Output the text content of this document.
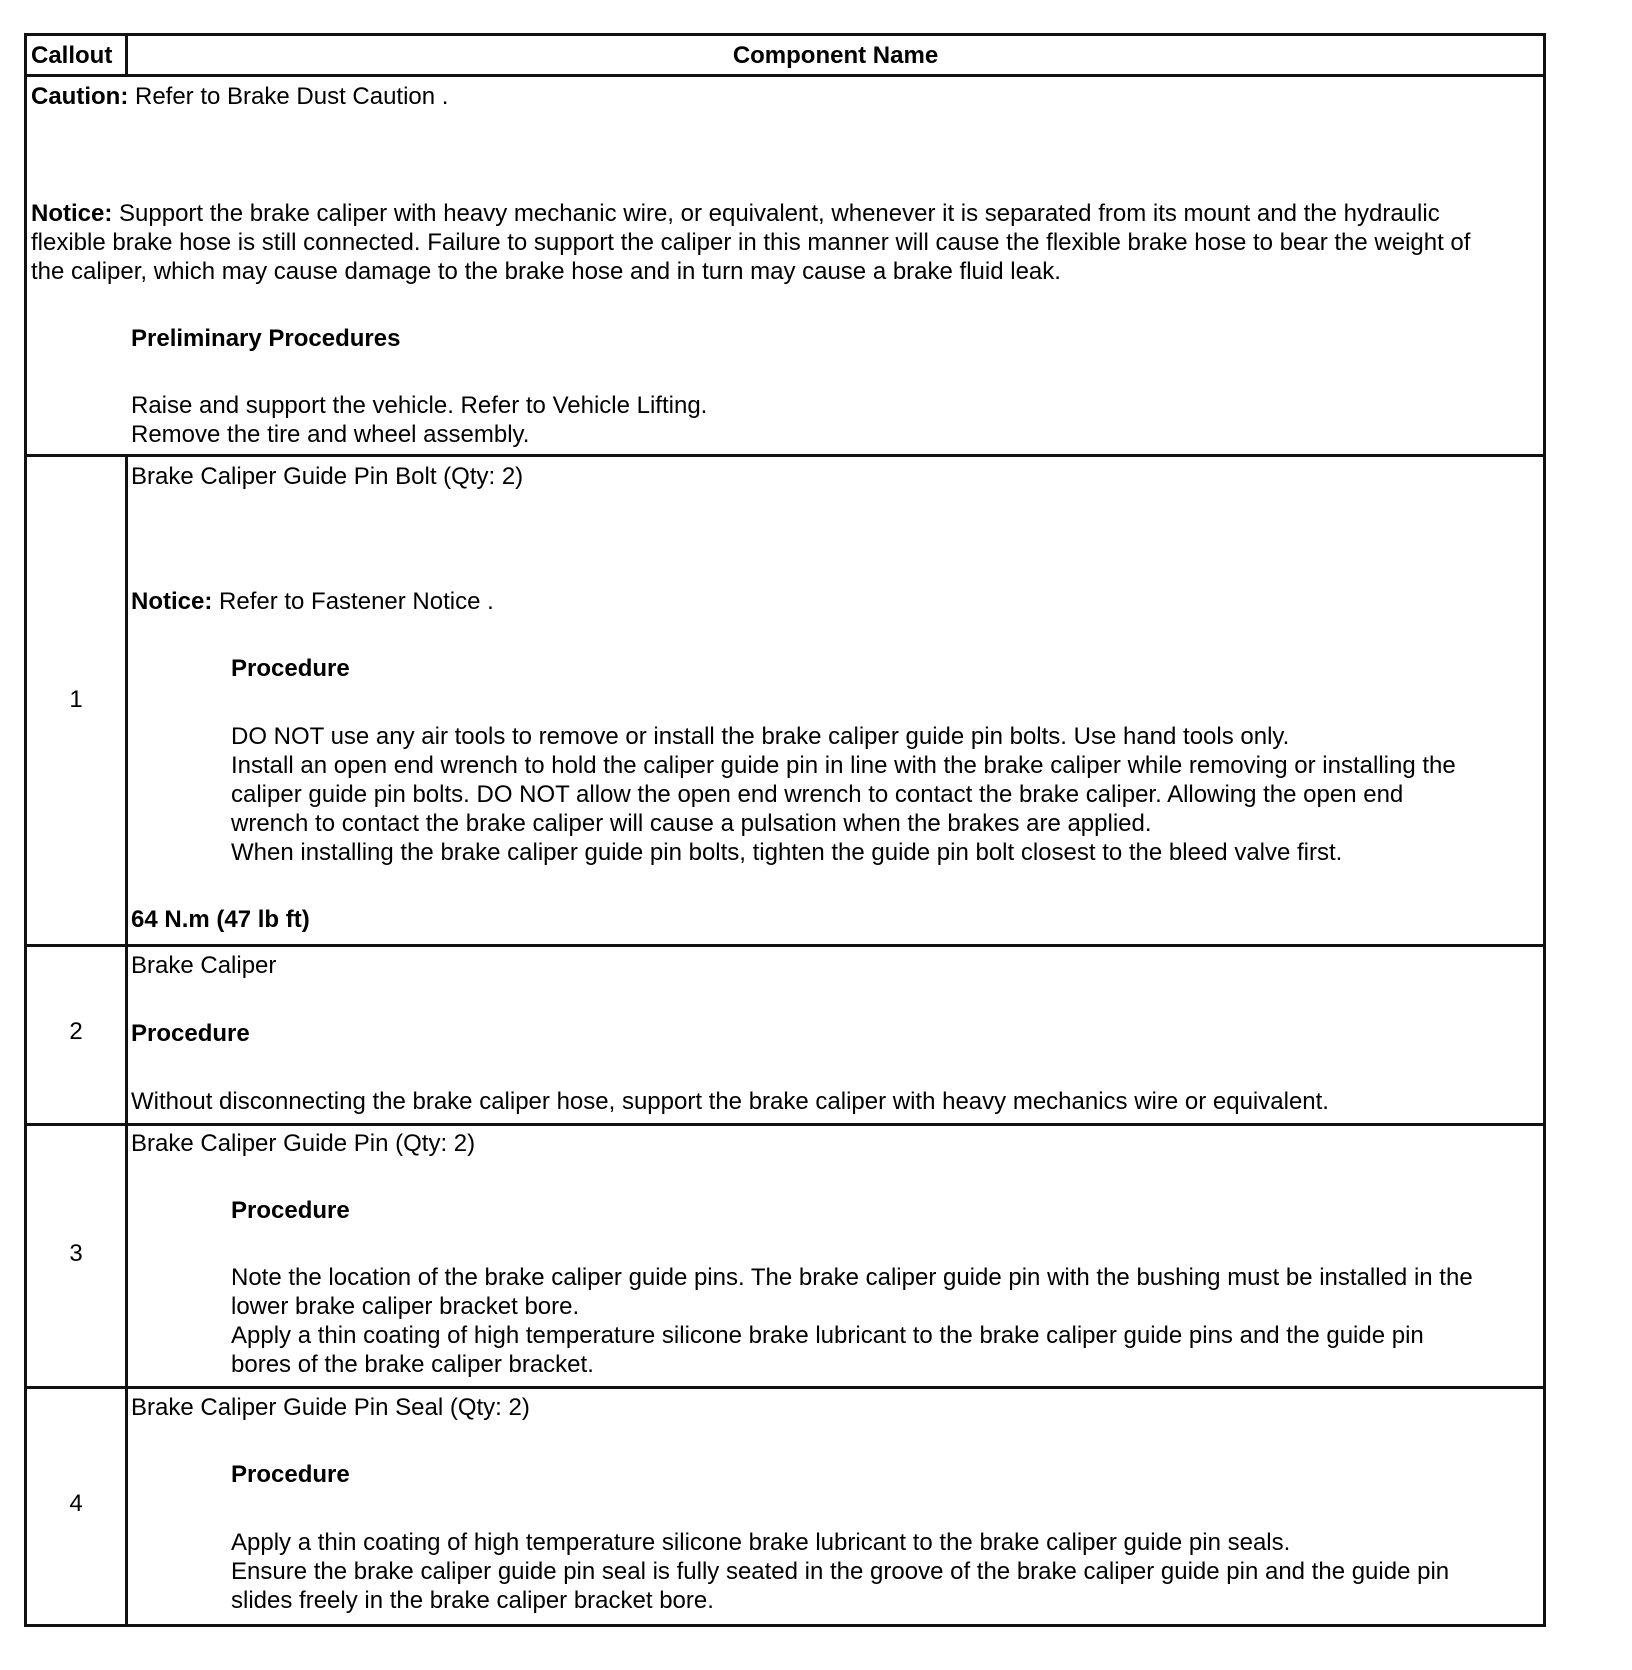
Callout	Component Name
Caution: Refer to Brake Dust Caution .
Notice: Support the brake caliper with heavy mechanic wire, or equivalent, whenever it is separated from its mount and the hydraulic
flexible brake hose is still connected. Failure to support the caliper in this manner will cause the flexible brake hose to bear the weight of
the caliper, which may cause damage to the brake hose and in turn may cause a brake fluid leak.
Preliminary Procedures
Raise and support the vehicle. Refer to Vehicle Lifting.
Remove the tire and wheel assembly.
1
Brake Caliper Guide Pin Bolt (Qty: 2)
Notice: Refer to Fastener Notice .
Procedure
DO NOT use any air tools to remove or install the brake caliper guide pin bolts. Use hand tools only.
Install an open end wrench to hold the caliper guide pin in line with the brake caliper while removing or installing the
caliper guide pin bolts. DO NOT allow the open end wrench to contact the brake caliper. Allowing the open end
wrench to contact the brake caliper will cause a pulsation when the brakes are applied.
When installing the brake caliper guide pin bolts, tighten the guide pin bolt closest to the bleed valve first.
64 N.m (47 lb ft)
2
Brake Caliper
Procedure
Without disconnecting the brake caliper hose, support the brake caliper with heavy mechanics wire or equivalent.
3
Brake Caliper Guide Pin (Qty: 2)
Procedure
Note the location of the brake caliper guide pins. The brake caliper guide pin with the bushing must be installed in the
lower brake caliper bracket bore.
Apply a thin coating of high temperature silicone brake lubricant to the brake caliper guide pins and the guide pin
bores of the brake caliper bracket.
4
Brake Caliper Guide Pin Seal (Qty: 2)
Procedure
Apply a thin coating of high temperature silicone brake lubricant to the brake caliper guide pin seals.
Ensure the brake caliper guide pin seal is fully seated in the groove of the brake caliper guide pin and the guide pin
slides freely in the brake caliper bracket bore.
